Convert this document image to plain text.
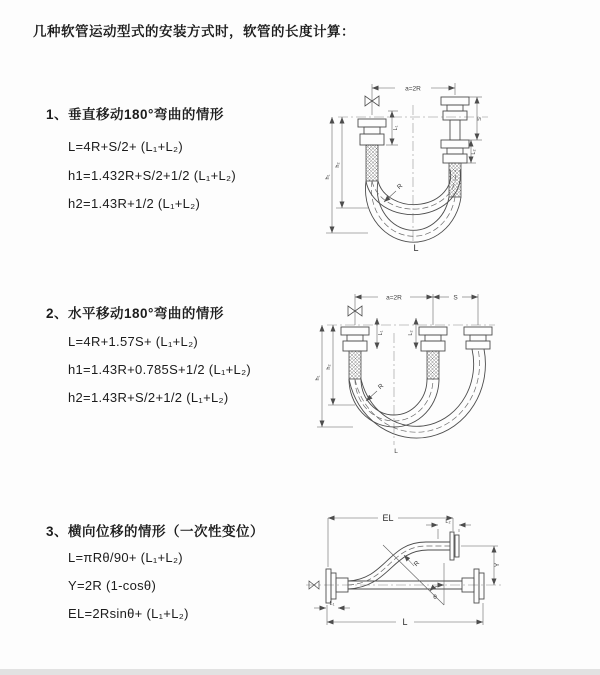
几种软管运动型式的安装方式时，软管的长度计算：
1、垂直移动180°弯曲的情形
L=4R+S/2+ (L₁+L₂)
h1=1.432R+S/2+1/2 (L₁+L₂)
h2=1.43R+1/2 (L₁+L₂)
2、水平移动180°弯曲的情形
L=4R+1.57S+ (L₁+L₂)
h1=1.43R+0.785S+1/2 (L₁+L₂)
h2=1.43R+S/2+1/2 (L₁+L₂)
3、横向位移的情形（一次性变位）
L=πRθ/90+ (L₁+L₂)
Y=2R (1-cosθ)
EL=2Rsinθ+ (L₁+L₂)
a=2R
S
L₂
L₁
h₁
h₂
R
L
a=2R	S
L₁	L₂
h₁
h₂
R
L
EL	L₂
Y
θ
R
L₁
L
